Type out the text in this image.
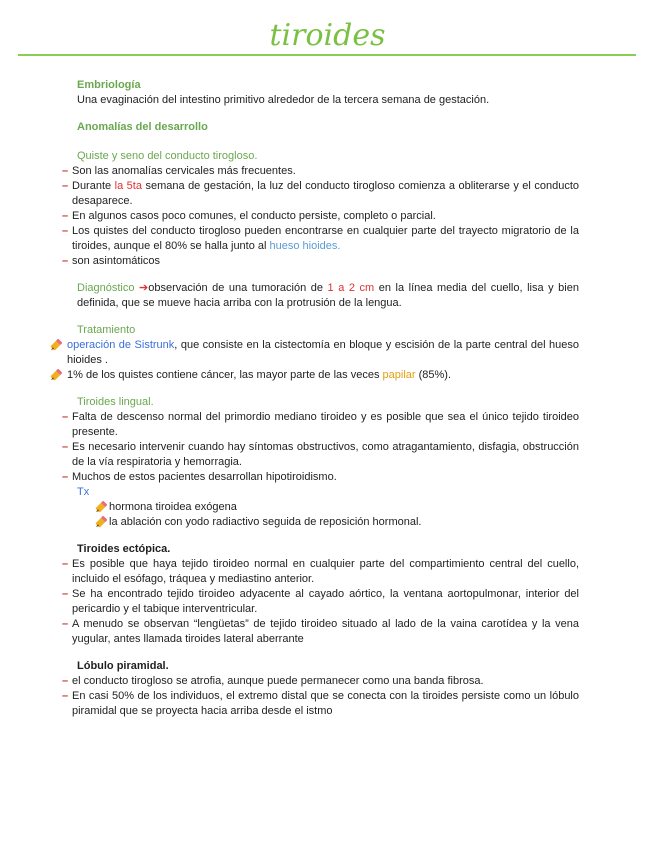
tiroides
Embriología
Una evaginación del intestino primitivo alrededor de la tercera semana de gestación.
Anomalías del desarrollo
Quiste y seno del conducto tirogloso.
– Son las anomalías cervicales más frecuentes.
– Durante la 5ta semana de gestación, la luz del conducto tirogloso comienza a obliterarse y el conducto desaparece.
– En algunos casos poco comunes, el conducto persiste, completo o parcial.
– Los quistes del conducto tirogloso pueden encontrarse en cualquier parte del trayecto migratorio de la tiroides, aunque el 80% se halla junto al hueso hioides.
– son asintomáticos
Diagnóstico ➔observación de una tumoración de 1 a 2 cm en la línea media del cuello, lisa y bien definida, que se mueve hacia arriba con la protrusión de la lengua.
Tratamiento
operación de Sistrunk, que consiste en la cistectomía en bloque y escisión de la parte central del hueso hioides .
1% de los quistes contiene cáncer, las mayor parte de las veces papilar (85%).
Tiroides lingual.
– Falta de descenso normal del primordio mediano tiroideo y es posible que sea el único tejido tiroideo presente.
– Es necesario intervenir cuando hay síntomas obstructivos, como atragantamiento, disfagia, obstrucción de la vía respiratoria y hemorragia.
– Muchos de estos pacientes desarrollan hipotiroidismo.
Tx
hormona tiroidea exógena
la ablación con yodo radiactivo seguida de reposición hormonal.
Tiroides ectópica.
– Es posible que haya tejido tiroideo normal en cualquier parte del compartimiento central del cuello, incluido el esófago, tráquea y mediastino anterior.
– Se ha encontrado tejido tiroideo adyacente al cayado aórtico, la ventana aortopulmonar, interior del pericardio y el tabique interventricular.
– A menudo se observan “lengüetas” de tejido tiroideo situado al lado de la vaina carotídea y la vena yugular, antes llamada tiroides lateral aberrante
Lóbulo piramidal.
– el conducto tirogloso se atrofia, aunque puede permanecer como una banda fibrosa.
– En casi 50% de los individuos, el extremo distal que se conecta con la tiroides persiste como un lóbulo piramidal que se proyecta hacia arriba desde el istmo
